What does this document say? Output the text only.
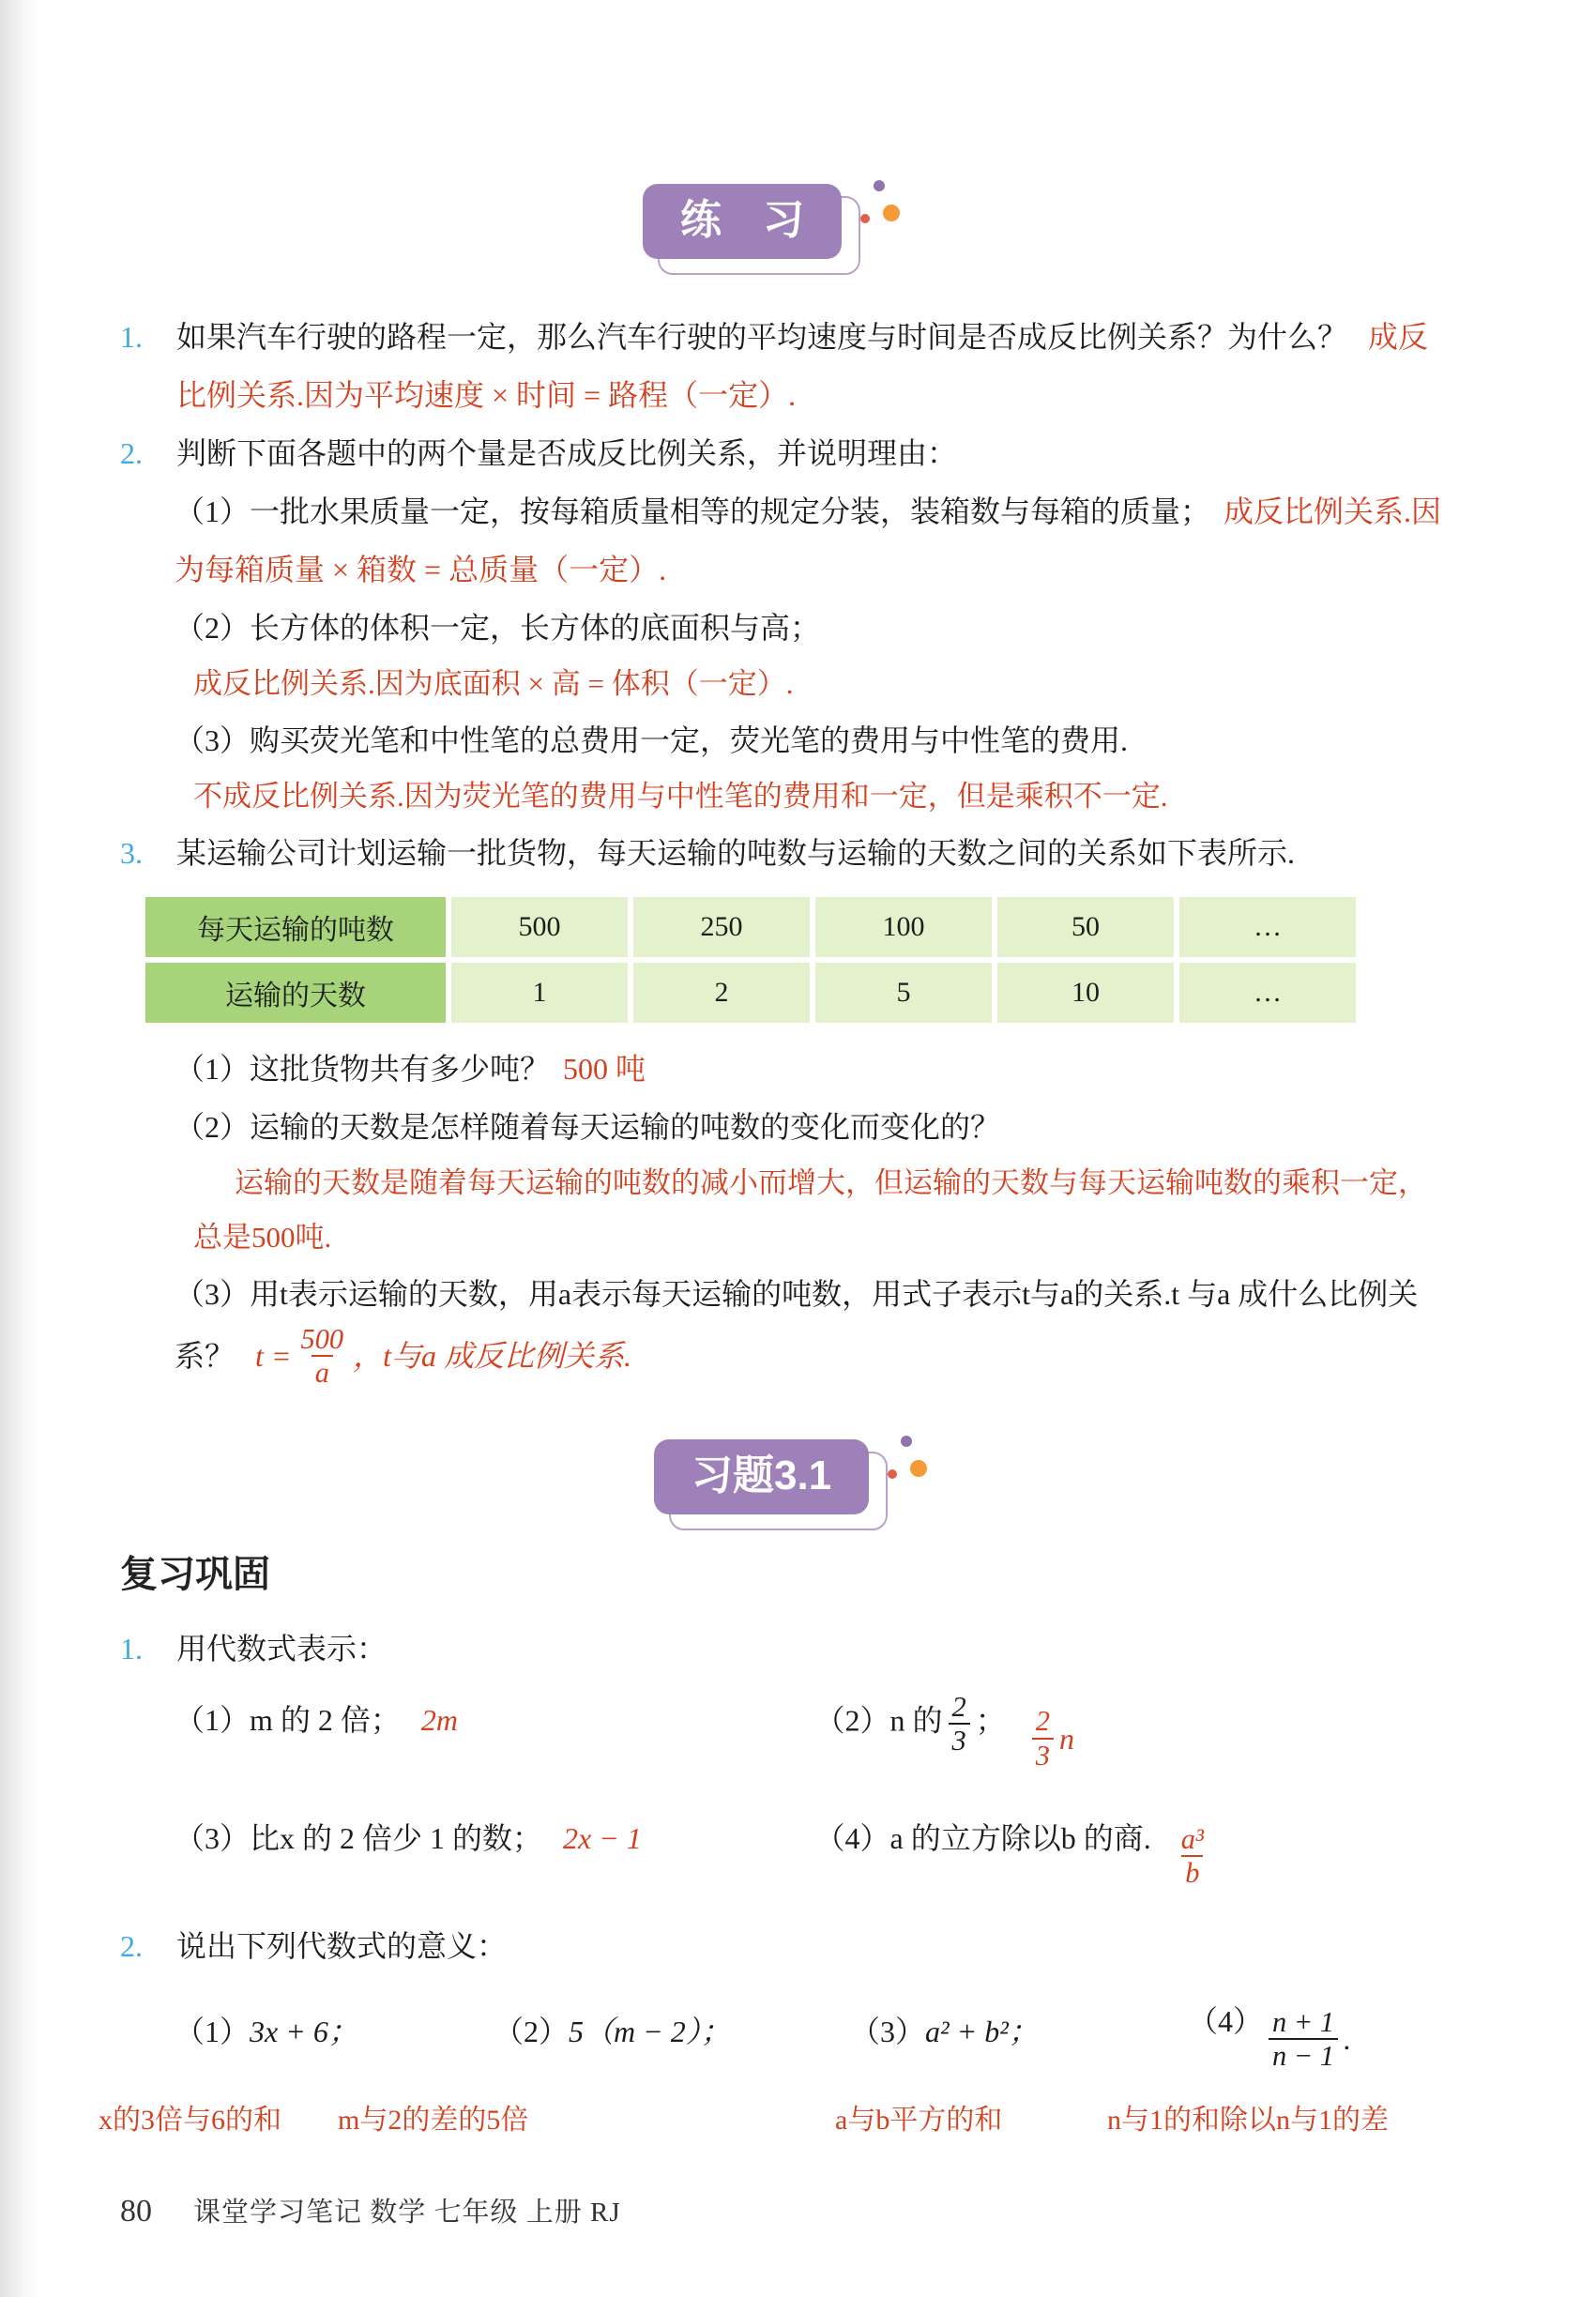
练　习
1.	如果汽车行驶的路程一定，那么汽车行驶的平均速度与时间是否成反比例关系？为什么？ 成反比例关系.因为平均速度 × 时间 = 路程（一定）.
2.	判断下面各题中的两个量是否成反比例关系，并说明理由：
（1）一批水果质量一定，按每箱质量相等的规定分装，装箱数与每箱的质量； 成反比例关系.因为每箱质量 × 箱数 = 总质量（一定）.
（2）长方体的体积一定，长方体的底面积与高；
成反比例关系.因为底面积 × 高 = 体积（一定）.
（3）购买荧光笔和中性笔的总费用一定，荧光笔的费用与中性笔的费用.
不成反比例关系.因为荧光笔的费用与中性笔的费用和一定，但是乘积不一定.
3.	某运输公司计划运输一批货物，每天运输的吨数与运输的天数之间的关系如下表所示.
每天运输的吨数	500	250	100	50	…
运输的天数	1	2	5	10	…
（1）这批货物共有多少吨？ 500 吨
（2）运输的天数是怎样随着每天运输的吨数的变化而变化的？
运输的天数是随着每天运输的吨数的减小而增大，但运输的天数与每天运输吨数的乘积一定，总是500吨.
（3）用t表示运输的天数，用a表示每天运输的吨数，用式子表示t与a的关系.t 与a 成什么比例关系？ $t = \frac{500}{a}$ ，t与a 成反比例关系.
习题3.1
复习巩固
1.	用代数式表示：
（1）m 的 2 倍； 2m	（2）n 的 $\frac{2}{3}$ ； $\frac{2}{3}$ n
（3）比x 的 2 倍少 1 的数； 2x − 1	（4）a 的立方除以b 的商. $\frac{\text{a³}}{b}$
2.	说出下列代数式的意义：
（1）3x + 6；	（2）5（m − 2）；	（3）a² + b²；	$(4) \frac{n + 1}{n - 1}$ .
x的3倍与6的和	m与2的差的5倍	a与b平方的和	n与1的和除以n与1的差
80 课堂学习笔记 数学 七年级 上册 RJ
